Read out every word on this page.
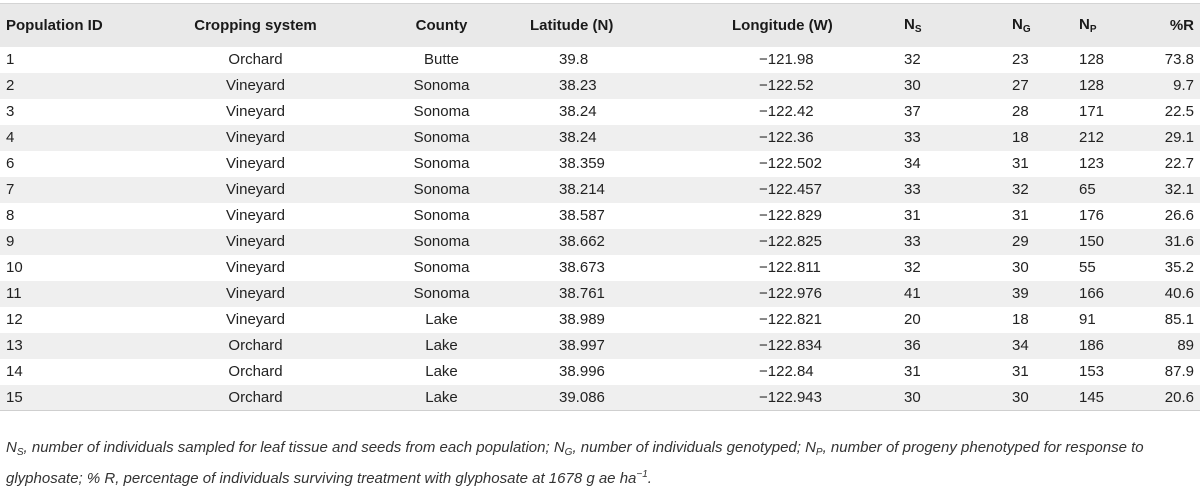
Population ID	Cropping system	County	Latitude (N)	Longitude (W)	$N_S$	$N_G$	$N_P$	%R
1	Orchard	Butte	39.8	−121.98	32	23	128	73.8
2	Vineyard	Sonoma	38.23	−122.52	30	27	128	9.7
3	Vineyard	Sonoma	38.24	−122.42	37	28	171	22.5
4	Vineyard	Sonoma	38.24	−122.36	33	18	212	29.1
6	Vineyard	Sonoma	38.359	−122.502	34	31	123	22.7
7	Vineyard	Sonoma	38.214	−122.457	33	32	65	32.1
8	Vineyard	Sonoma	38.587	−122.829	31	31	176	26.6
9	Vineyard	Sonoma	38.662	−122.825	33	29	150	31.6
10	Vineyard	Sonoma	38.673	−122.811	32	30	55	35.2
11	Vineyard	Sonoma	38.761	−122.976	41	39	166	40.6
12	Vineyard	Lake	38.989	−122.821	20	18	91	85.1
13	Orchard	Lake	38.997	−122.834	36	34	186	89
14	Orchard	Lake	38.996	−122.84	31	31	153	87.9
15	Orchard	Lake	39.086	−122.943	30	30	145	20.6
$N_S$, number of individuals sampled for leaf tissue and seeds from each population; $N_G$, number of individuals genotyped; $N_P$, number of progeny phenotyped for response to glyphosate; % R, percentage of individuals surviving treatment with glyphosate at 1678 g ae $ha^{-1}$.
